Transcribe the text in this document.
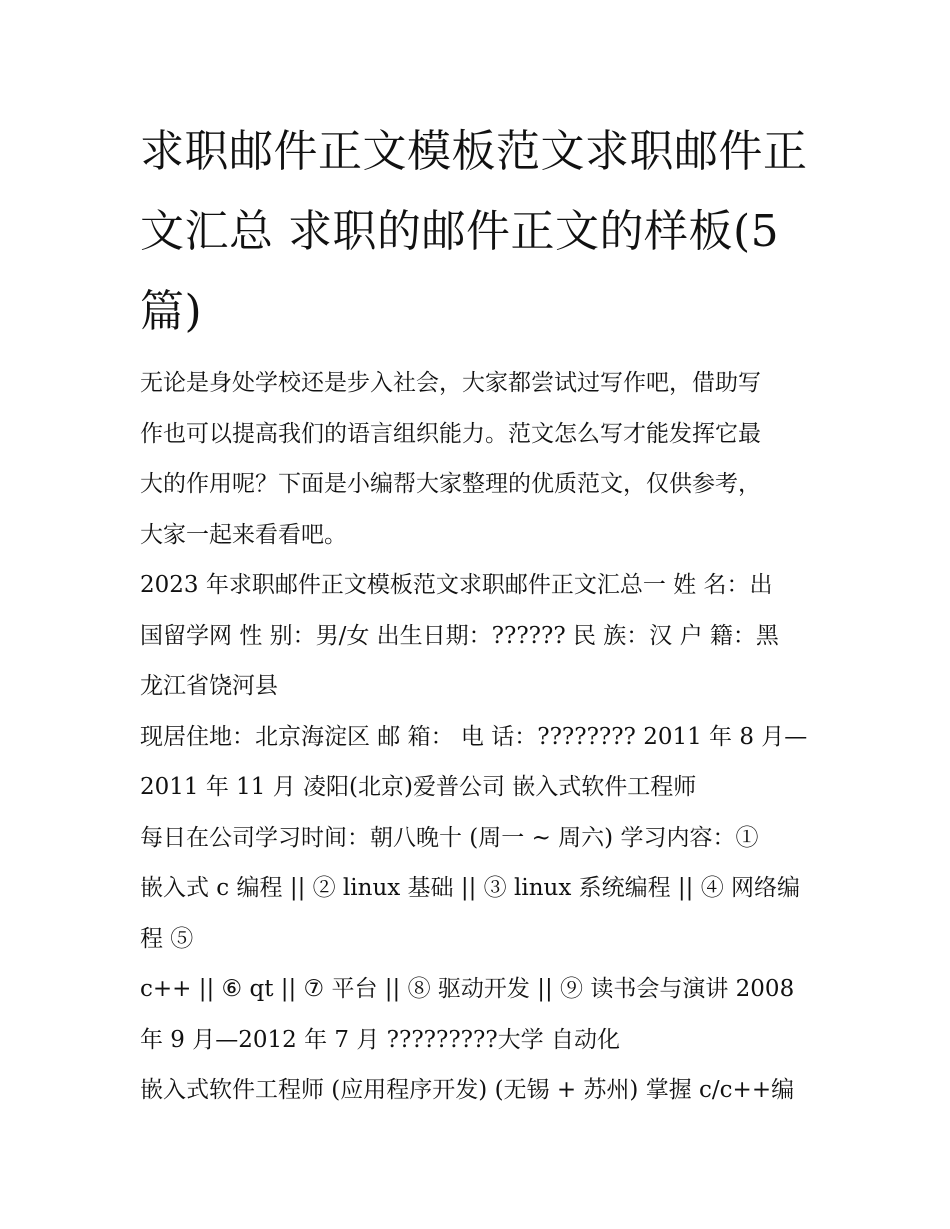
求职邮件正文模板范文求职邮件正文汇总 求职的邮件正文的样板(5篇)

无论是身处学校还是步入社会，大家都尝试过写作吧，借助写
作也可以提高我们的语言组织能力。范文怎么写才能发挥它最
大的作用呢？下面是小编帮大家整理的优质范文，仅供参考，
大家一起来看看吧。

2023 年求职邮件正文模板范文求职邮件正文汇总一 姓 名：出
国留学网 性 别：男/女 出生日期：?????? 民 族：汉 户 籍：黑
龙江省饶河县

现居住地：北京海淀区 邮 箱： 电 话：???????? 2011 年 8 月—
2011 年 11 月 凌阳(北京)爱普公司 嵌入式软件工程师

每日在公司学习时间：朝八晚十 (周一 ~ 周六) 学习内容：①
嵌入式 c 编程 || ② linux 基础 || ③ linux 系统编程 || ④ 网络编
程 ⑤

c++ || ⑥ qt || ⑦ 平台 || ⑧ 驱动开发 || ⑨ 读书会与演讲 2008
年 9 月—2012 年 7 月 ?????????大学 自动化

嵌入式软件工程师 (应用程序开发) (无锡 + 苏州) 掌握 c/c++编
